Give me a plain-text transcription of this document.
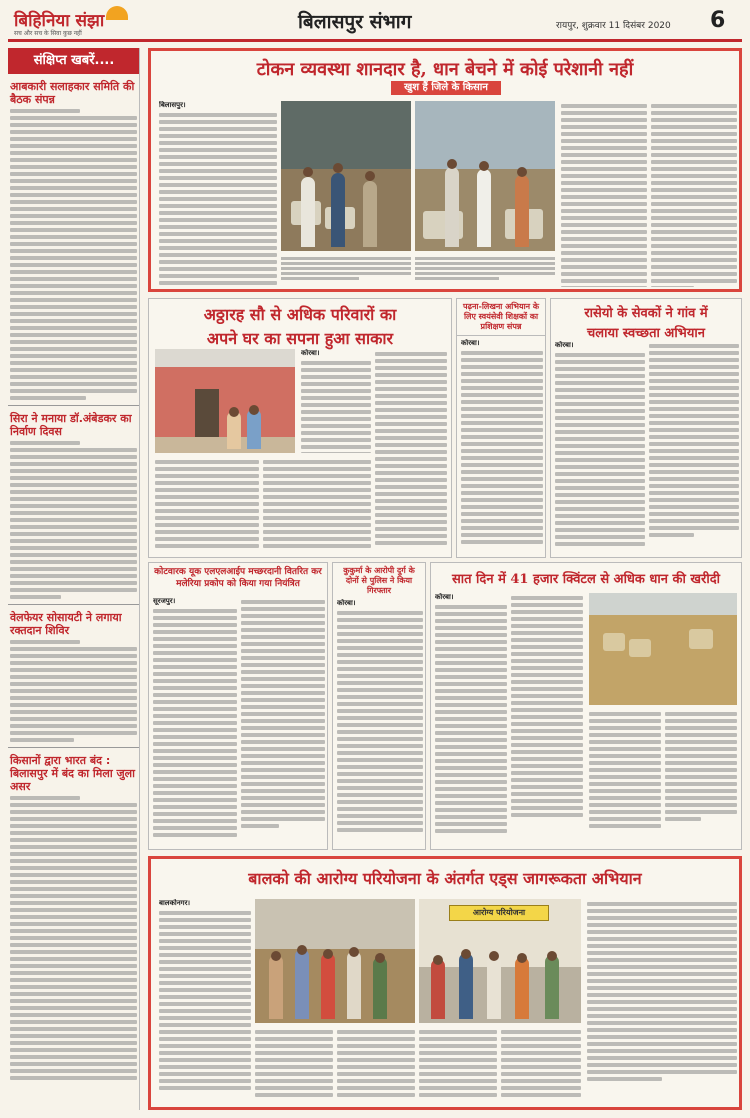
बिहिनिया संझा
सच और सच के सिवा कुछ नहीं
बिलासपुर संभाग	रायपुर, शुक्रवार 11 दिसंबर 2020 6
संक्षिप्त खबरें....
आबकारी सलाहकार समिति की बैठक संपन्न
सिरा ने मनाया डॉ.अंबेडकर का निर्वाण दिवस
वेलफेयर सोसायटी ने लगाया रक्तदान शिविर
किसानों द्वारा भारत बंद : बिलासपुर में बंद का मिला जुला असर
टोकन व्यवस्था शानदार है, धान बेचने में कोई परेशानी नहीं
खुश हैं जिले के किसान
बिलासपुर।
अठ्ठारह सौ से अधिक परिवारों का
अपने घर का सपना हुआ साकार
कोरबा।
पढ़ना-लिखना अभियान के लिए स्वयंसेवी शिक्षकों का प्रशिक्षण संपन्न
कोरबा।
रासेयो के सेवकों ने गांव में
चलाया स्वच्छता अभियान
कोरबा।
कोटवारक यूक एलएलआईप मच्छरदानी वितरित कर मलेरिया प्रकोप को किया गया नियंत्रित
सूरजपुर।
कुकुर्मा के आरोपी दुर्ग के दोनों से पुलिस ने किया गिरफ्तार
कोरबा।
सात दिन में 41 हजार क्विंटल से अधिक धान की खरीदी
कोरबा।
बालको की आरोग्य परियोजना के अंतर्गत एड्स जागरूकता अभियान
बालकोनगर।
आरोग्य परियोजना
